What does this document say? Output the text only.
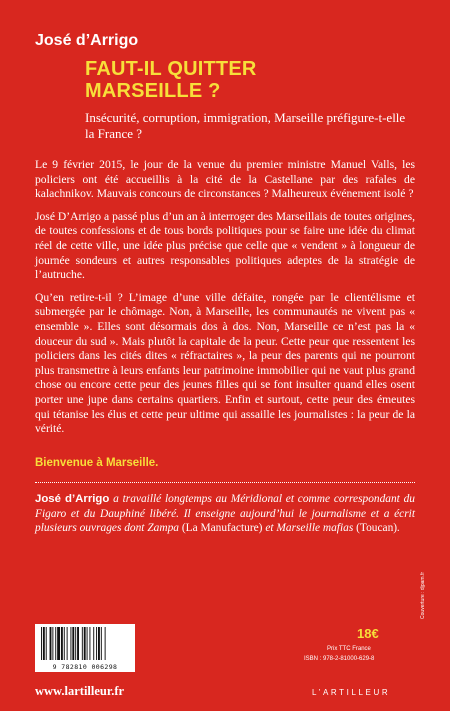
José d’Arrigo
FAUT-IL QUITTER
MARSEILLE ?
Insécurité, corruption, immigration, Marseille préfigure-t-elle la France ?

Le 9 février 2015, le jour de la venue du premier ministre Manuel Valls, les policiers ont été accueillis à la cité de la Castellane par des rafales de kalachnikov. Mauvais concours de circonstances ? Malheureux événement isolé ?

José D’Arrigo a passé plus d’un an à interroger des Marseillais de toutes origines, de toutes confessions et de tous bords politiques pour se faire une idée du climat réel de cette ville, une idée plus précise que celle que « vendent » à longueur de journée sondeurs et autres responsables politiques adeptes de la stratégie de l’autruche.

Qu’en retire-t-il ? L’image d’une ville défaite, rongée par le clientélisme et submergée par le chômage. Non, à Marseille, les communautés ne vivent pas « ensemble ». Elles sont désormais dos à dos. Non, Marseille ce n’est pas la « douceur du sud ». Mais plutôt la capitale de la peur. Cette peur que ressentent les policiers dans les cités dites « réfractaires », la peur des parents qui ne pourront plus transmettre à leurs enfants leur patrimoine immobilier qui ne vaut plus grand chose ou encore cette peur des jeunes filles qui se font insulter quand elles osent porter une jupe dans certains quartiers. Enfin et surtout, cette peur des émeutes qui tétanise les élus et cette peur ultime qui assaille les journalistes : la peur de la vérité.

Bienvenue à Marseille.
José d’Arrigo a travaillé longtemps au Méridional et comme correspondant du Figaro et du Dauphiné libéré. Il enseigne aujourd’hui le journalisme et a écrit plusieurs ouvrages dont Zampa (La Manufacture) et Marseille mafias (Toucan).
Couverture : djpam.fr
18€
Prix TTC France
ISBN : 978-2-81000-629-8
9 782810 006298
www.lartilleur.fr	L’ARTILLEUR
